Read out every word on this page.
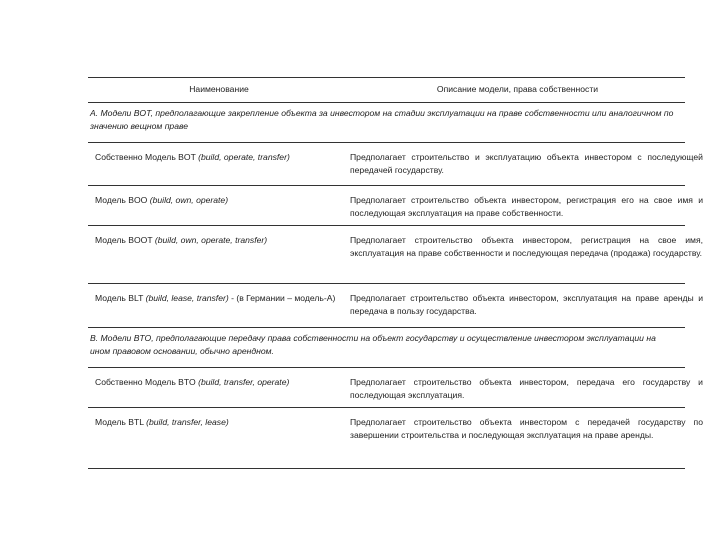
Наименование	Описание модели, права собственности
А. Модели BOT, предполагающие закрепление объекта за инвестором на стадии эксплуатации на праве собственности или аналогичном по значению вещном праве
Собственно Модель BOT (build, operate, transfer)	Предполагает строительство и эксплуатацию объекта инвестором с последующей передачей государству.
Модель BOO (build, own, operate)	Предполагает строительство объекта инвестором, регистрация его на свое имя и последующая эксплуатация на праве собственности.
Модель BOOT (build, own, operate, transfer)	Предполагает строительство объекта инвестором, регистрация на свое имя, эксплуатация на праве собственности и последующая передача (продажа) государству.
Модель BLT (build, lease, transfer) - (в Германии – модель-А)	Предполагает строительство объекта инвестором, эксплуатация на праве аренды и передача в пользу государства.
В. Модели BTO, предполагающие передачу права собственности на объект государству и осуществление инвестором эксплуатации на ином правовом основании, обычно арендном.
Собственно Модель BTO (build, transfer, operate)	Предполагает строительство объекта инвестором, передача его государству и последующая эксплуатация.
Модель BTL (build, transfer, lease)	Предполагает строительство объекта инвестором с передачей государству по завершении строительства и последующая эксплуатация на праве аренды.
